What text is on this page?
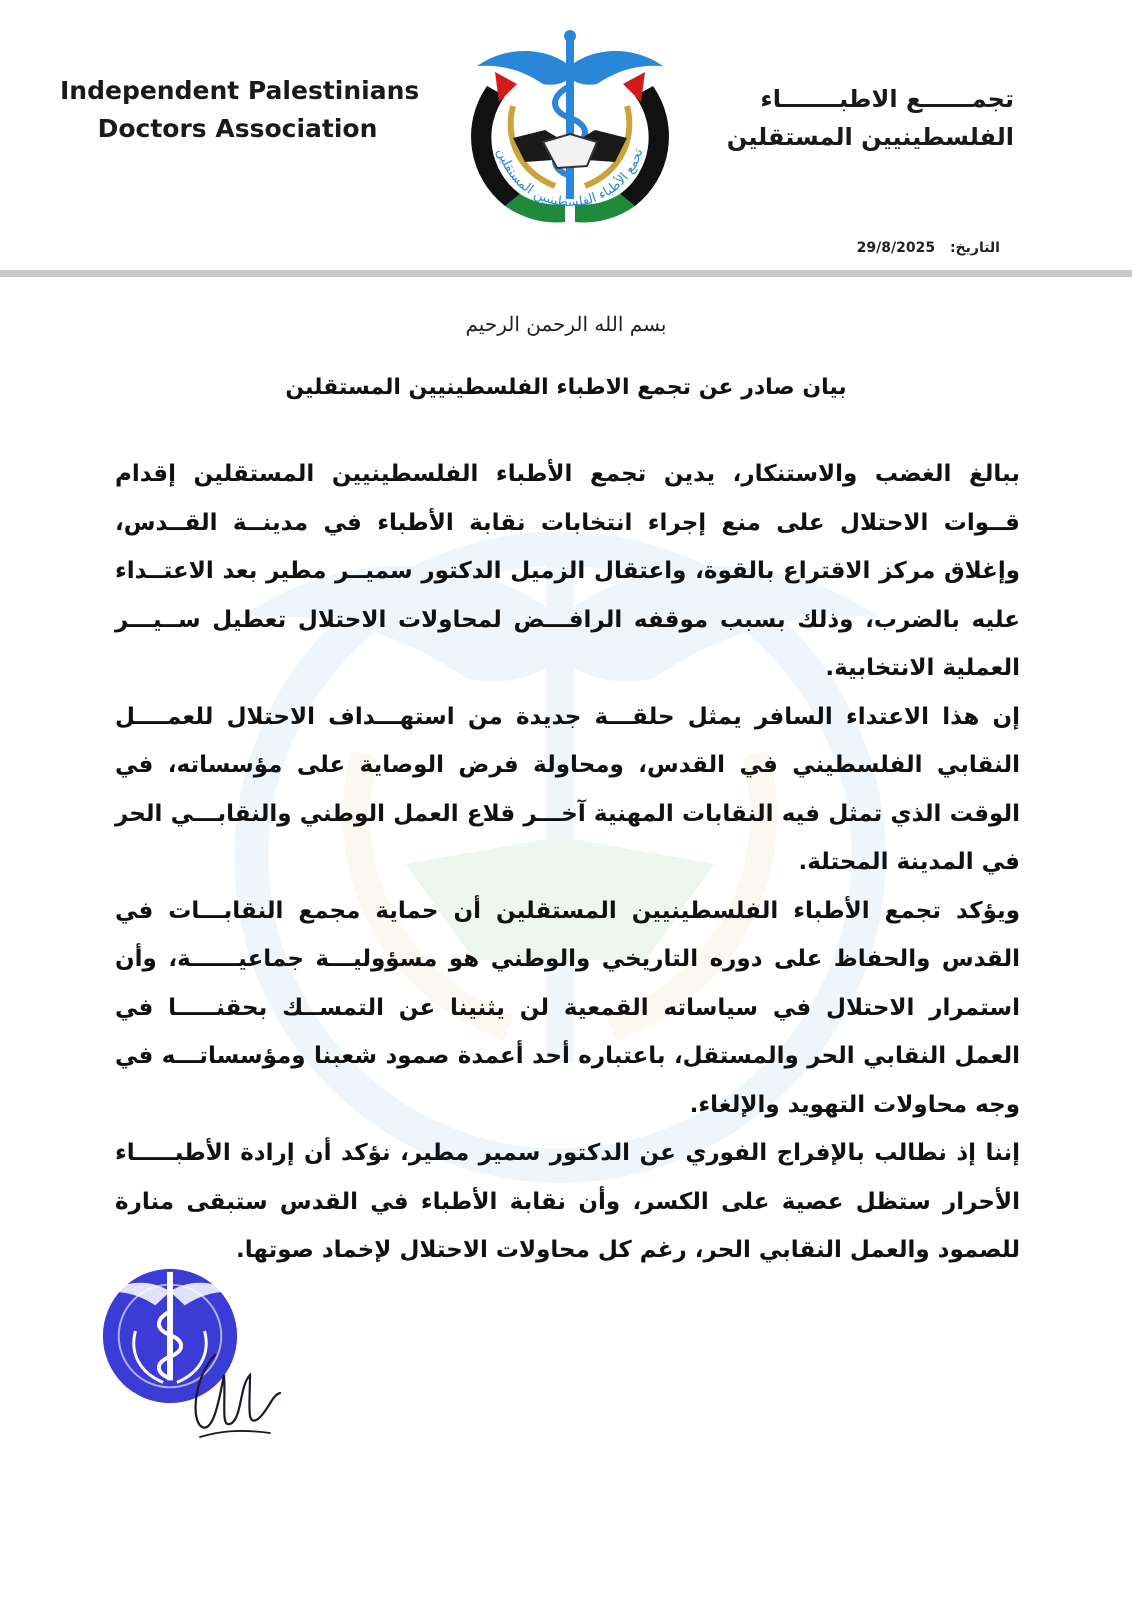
Independent Palestinians
Doctors Association
تجمع الأطباء الفلسطينيين المستقلين
تجمــــــع الاطبـــــــاء
الفلسطينيين المستقلين
التاريخ: 29/8/2025
بسم الله الرحمن الرحيم
بيان صادر عن تجمع الاطباء الفلسطينيين المستقلين

ببالغ الغضب والاستنكار، يدين تجمع الأطباء الفلسطينيين المستقلين إقدام قــوات الاحتلال على منع إجراء انتخابات نقابة الأطباء في مدينــة القــدس، وإغلاق مركز الاقتراع بالقوة، واعتقال الزميل الدكتور سميــر مطير بعد الاعتــداء عليه بالضرب، وذلك بسبب موقفه الرافـــض لمحاولات الاحتلال تعطيل ســيـــر العملية الانتخابية.

إن هذا الاعتداء السافر يمثل حلقـــة جديدة من استهـــداف الاحتلال للعمــــل النقابي الفلسطيني في القدس، ومحاولة فرض الوصاية على مؤسساته، في الوقت الذي تمثل فيه النقابات المهنية آخـــر قلاع العمل الوطني والنقابـــي الحر في المدينة المحتلة.

ويؤكد تجمع الأطباء الفلسطينيين المستقلين أن حماية مجمع النقابـــات في القدس والحفاظ على دوره التاريخي والوطني هو مسؤوليـــة جماعيــــــة، وأن استمرار الاحتلال في سياساته القمعية لن يثنينا عن التمســك بحقنـــــا في العمل النقابي الحر والمستقل، باعتباره أحد أعمدة صمود شعبنا ومؤسساتـــه في وجه محاولات التهويد والإلغاء.

إننا إذ نطالب بالإفراج الفوري عن الدكتور سمير مطير، نؤكد أن إرادة الأطبـــــاء الأحرار ستظل عصية على الكسر، وأن نقابة الأطباء في القدس ستبقى منارة للصمود والعمل النقابي الحر، رغم كل محاولات الاحتلال لإخماد صوتها.
